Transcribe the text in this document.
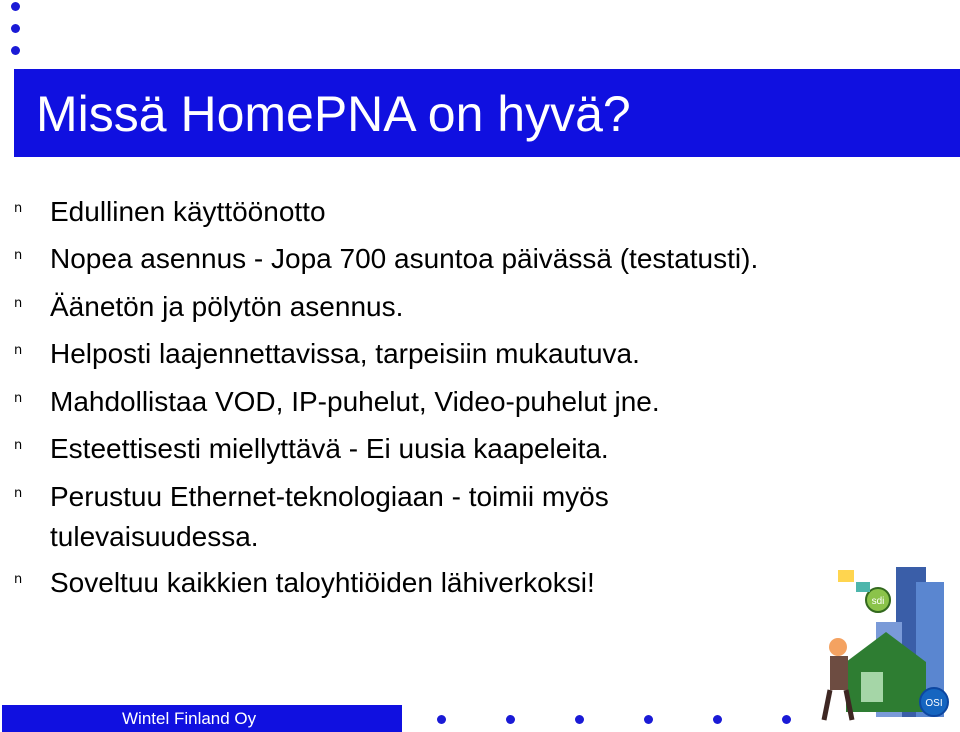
Missä HomePNA on hyvä?
n Edullinen käyttöönotto
n Nopea asennus - Jopa 700 asuntoa päivässä (testatusti).
n Äänetön ja pölytön asennus.
n Helposti laajennettavissa, tarpeisiin mukautuva.
n Mahdollistaa VOD, IP-puhelut, Video-puhelut jne.
n Esteettisesti miellyttävä - Ei uusia kaapeleita.
n Perustuu Ethernet-teknologiaan - toimii myös tulevaisuudessa.
n Soveltuu kaikkien taloyhtiöiden lähiverkoksi!
sdi
OSI
Wintel Finland Oy
